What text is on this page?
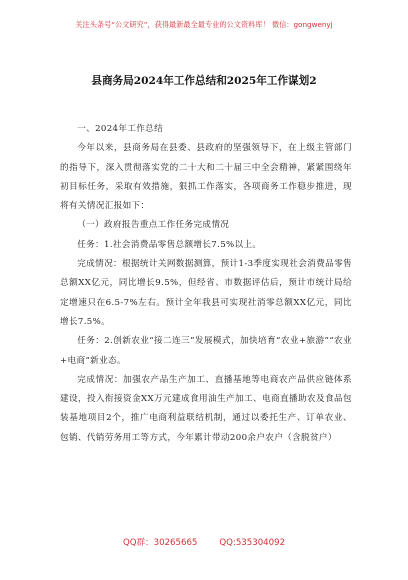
关注头条号“公文研究”，获得最新最全最专业的公文资料库！ 微信：gongwenyj
县商务局2024年工作总结和2025年工作谋划2

一、2024年工作总结

今年以来，县商务局在县委、县政府的坚强领导下，在上级主管部门的指导下，深入贯彻落实党的二十大和二十届三中全会精神，紧紧围绕年初目标任务，采取有效措施，狠抓工作落实，各项商务工作稳步推进，现将有关情况汇报如下：

（一）政府报告重点工作任务完成情况

任务：1.社会消费品零售总额增长7.5%以上。

完成情况：根据统计关网数据测算，预计1-3季度实现社会消费品零售总额XX亿元，同比增长9.5%，但经省、市数据评估后，预计市统计局给定增速只在6.5-7%左右。预计全年我县可实现社消零总额XX亿元，同比增长7.5%。

任务：2.创新农业“接二连三”发展模式，加快培育“农业+旅游”“农业+电商”新业态。

完成情况：加强农产品生产加工、直播基地等电商农产品供应链体系建设，投入衔接资金XX万元建成食用油生产加工、电商直播助农及食品包装基地项目2个，推广电商利益联结机制，通过以委托生产、订单农业、包销、代销劳务用工等方式，今年累计带动200余户农户（含脱贫户）

QQ群：30265665	QQ:535304092
